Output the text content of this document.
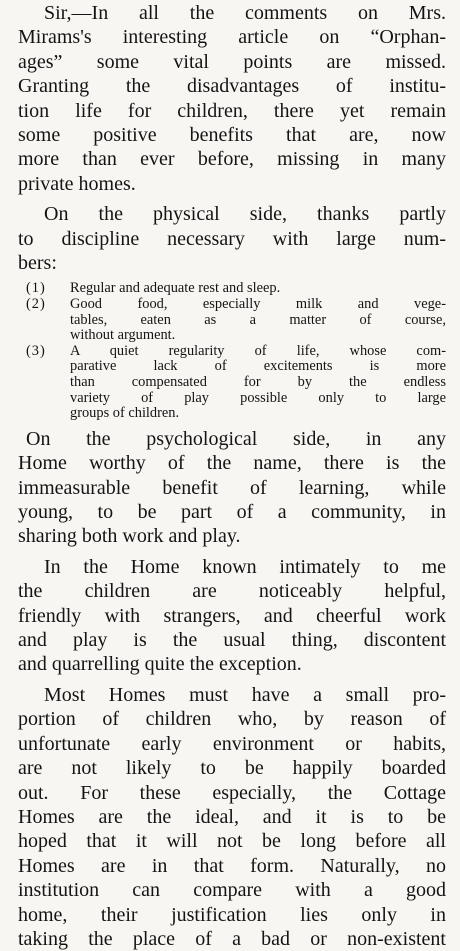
Sir,—In all the comments on Mrs.
Mirams's interesting article on “Orphan-
ages” some vital points are missed.
Granting the disadvantages of institu-
tion life for children, there yet remain
some positive benefits that are, now
more than ever before, missing in many
private homes.

On the physical side, thanks partly
to discipline necessary with large num-
bers:

(1)	Regular and adequate rest and sleep.
(2)	Good food, especially milk and vege-
tables, eaten as a matter of course,
without argument.
(3)	A quiet regularity of life, whose com-
parative lack of excitements is more
than compensated for by the endless
variety of play possible only to large
groups of children.

On the psychological side, in any
Home worthy of the name, there is the
immeasurable benefit of learning, while
young, to be part of a community, in
sharing both work and play.

In the Home known intimately to me
the children are noticeably helpful,
friendly with strangers, and cheerful work
and play is the usual thing, discontent
and quarrelling quite the exception.

Most Homes must have a small pro-
portion of children who, by reason of
unfortunate early environment or habits,
are not likely to be happily boarded
out. For these especially, the Cottage
Homes are the ideal, and it is to be
hoped that it will not be long before all
Homes are in that form. Naturally, no
institution can compare with a good
home, their justification lies only in
taking the place of a bad or non-existent
